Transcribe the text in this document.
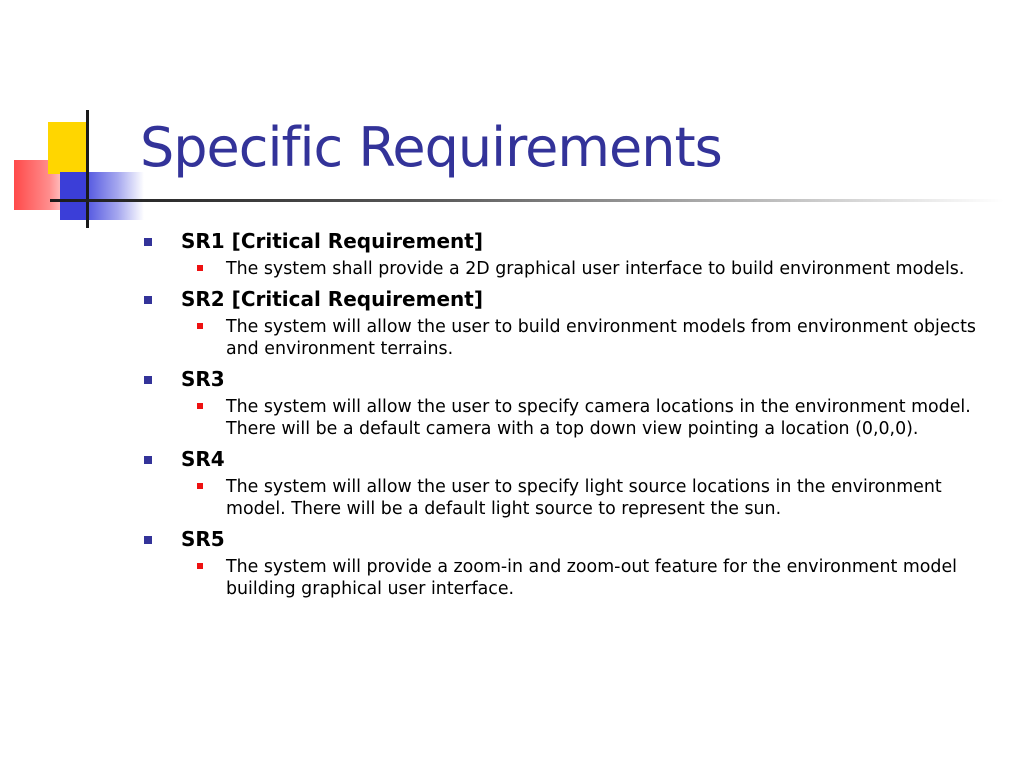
Specific Requirements
SR1 [Critical Requirement]
The system shall provide a 2D graphical user interface to build environment models.
SR2 [Critical Requirement]
The system will allow the user to build environment models from environment objects and environment terrains.
SR3
The system will allow the user to specify camera locations in the environment model. There will be a default camera with a top down view pointing a location (0,0,0).
SR4
The system will allow the user to specify light source locations in the environment model. There will be a default light source to represent the sun.
SR5
The system will provide a zoom-in and zoom-out feature for the environment model building graphical user interface.
